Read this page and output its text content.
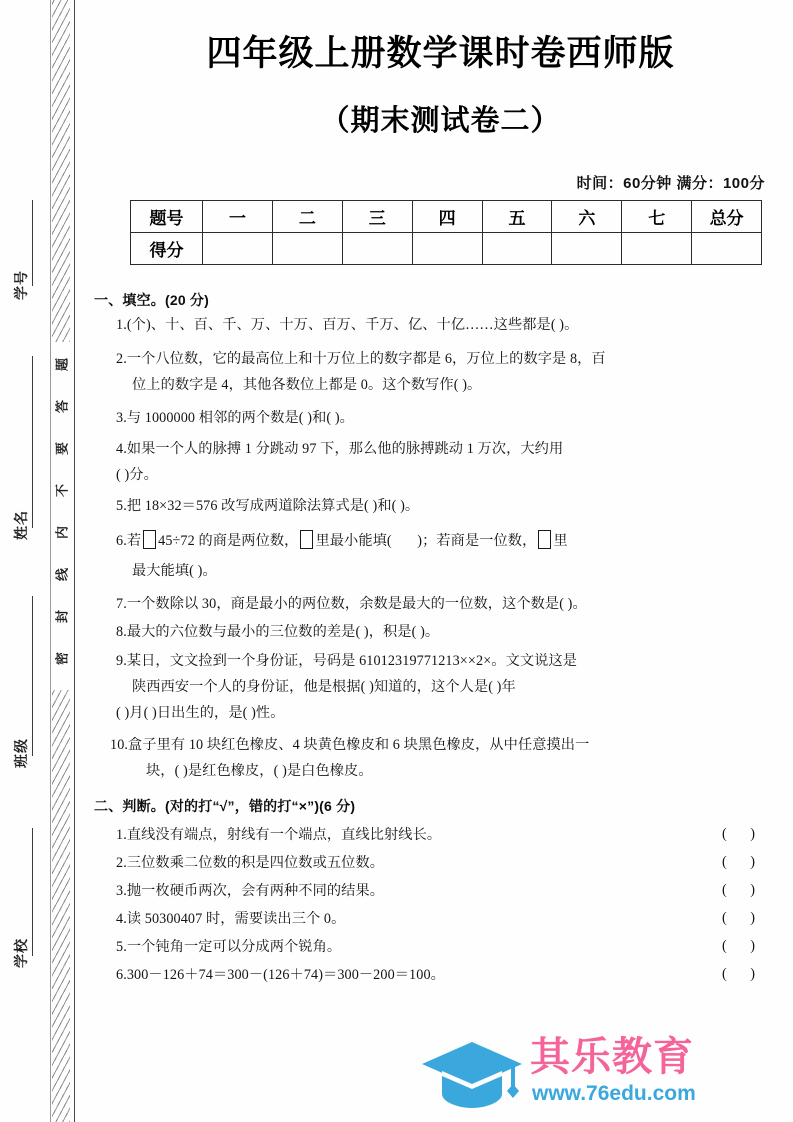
题
答
要
不
内
线
封
密
学号
姓名
班级
学校
四年级上册数学课时卷西师版
（期末测试卷二）
时间：60分钟 满分：100分
题号	一	二	三	四	五	六	七	总分
得分								
一、填空。(20 分)
1.(个)、十、百、千、万、十万、百万、千万、亿、十亿……这些都是( )。
2.一个八位数，它的最高位上和十万位上的数字都是 6，万位上的数字是 8，百
位上的数字是 4，其他各数位上都是 0。这个数写作( )。
3.与 1000000 相邻的两个数是( )和( )。
4.如果一个人的脉搏 1 分跳动 97 下，那么他的脉搏跳动 1 万次，大约用
( )分。
5.把 18×32＝576 改写成两道除法算式是( )和( )。
6.若 45÷72 的商是两位数， 里最小能填(       )；若商是一位数， 里
最大能填( )。
7.一个数除以 30，商是最小的两位数，余数是最大的一位数，这个数是( )。
8.最大的六位数与最小的三位数的差是( )，积是( )。
9.某日，文文捡到一个身份证，号码是 61012319771213××2×。文文说这是
陕西西安一个人的身份证，他是根据( )知道的，这个人是( )年
( )月( )日出生的，是( )性。
10.盒子里有 10 块红色橡皮、4 块黄色橡皮和 6 块黑色橡皮，从中任意摸出一
块，( )是红色橡皮，( )是白色橡皮。
二、判断。(对的打“√”，错的打“×”)(6 分)
1.直线没有端点，射线有一个端点，直线比射线长。	( )
2.三位数乘二位数的积是四位数或五位数。	( )
3.抛一枚硬币两次，会有两种不同的结果。	( )
4.读 50300407 时，需要读出三个 0。	( )
5.一个钝角一定可以分成两个锐角。	( )
6.300－126＋74＝300－(126＋74)＝300－200＝100。	( )
其乐教育
www.76edu.com
